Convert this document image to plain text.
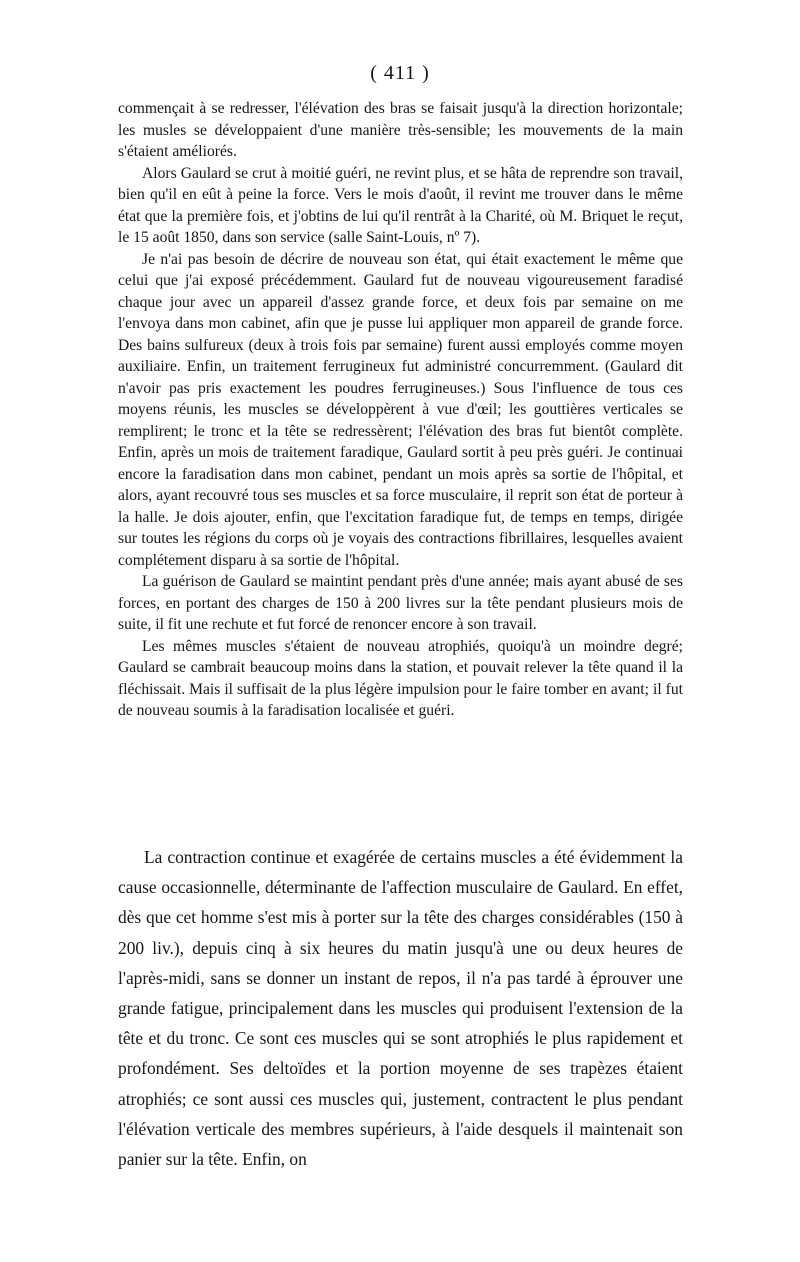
( 411 )

commençait à se redresser, l'élévation des bras se faisait jusqu'à la direction horizontale; les musles se développaient d'une manière très-sensible; les mouvements de la main s'étaient améliorés.

Alors Gaulard se crut à moitié guéri, ne revint plus, et se hâta de reprendre son travail, bien qu'il en eût à peine la force. Vers le mois d'août, il revint me trouver dans le même état que la première fois, et j'obtins de lui qu'il rentrât à la Charité, où M. Briquet le reçut, le 15 août 1850, dans son service (salle Saint-Louis, nº 7).

Je n'ai pas besoin de décrire de nouveau son état, qui était exactement le même que celui que j'ai exposé précédemment. Gaulard fut de nouveau vigoureusement faradisé chaque jour avec un appareil d'assez grande force, et deux fois par semaine on me l'envoya dans mon cabinet, afin que je pusse lui appliquer mon appareil de grande force. Des bains sulfureux (deux à trois fois par semaine) furent aussi employés comme moyen auxiliaire. Enfin, un traitement ferrugineux fut administré concurremment. (Gaulard dit n'avoir pas pris exactement les poudres ferrugineuses.) Sous l'influence de tous ces moyens réunis, les muscles se développèrent à vue d'œil; les gouttières verticales se remplirent; le tronc et la tête se redressèrent; l'élévation des bras fut bientôt complète. Enfin, après un mois de traitement faradique, Gaulard sortit à peu près guéri. Je continuai encore la faradisation dans mon cabinet, pendant un mois après sa sortie de l'hôpital, et alors, ayant recouvré tous ses muscles et sa force musculaire, il reprit son état de porteur à la halle. Je dois ajouter, enfin, que l'excitation faradique fut, de temps en temps, dirigée sur toutes les régions du corps où je voyais des contractions fibrillaires, lesquelles avaient complétement disparu à sa sortie de l'hôpital.

La guérison de Gaulard se maintint pendant près d'une année; mais ayant abusé de ses forces, en portant des charges de 150 à 200 livres sur la tête pendant plusieurs mois de suite, il fit une rechute et fut forcé de renoncer encore à son travail.

Les mêmes muscles s'étaient de nouveau atrophiés, quoiqu'à un moindre degré; Gaulard se cambrait beaucoup moins dans la station, et pouvait relever la tête quand il la fléchissait. Mais il suffisait de la plus légère impulsion pour le faire tomber en avant; il fut de nouveau soumis à la faradisation localisée et guéri.

La contraction continue et exagérée de certains muscles a été évidemment la cause occasionnelle, déterminante de l'affection musculaire de Gaulard. En effet, dès que cet homme s'est mis à porter sur la tête des charges considérables (150 à 200 liv.), depuis cinq à six heures du matin jusqu'à une ou deux heures de l'après-midi, sans se donner un instant de repos, il n'a pas tardé à éprouver une grande fatigue, principalement dans les muscles qui produisent l'extension de la tête et du tronc. Ce sont ces muscles qui se sont atrophiés le plus rapidement et profondément. Ses deltoïdes et la portion moyenne de ses trapèzes étaient atrophiés; ce sont aussi ces muscles qui, justement, contractent le plus pendant l'élévation verticale des membres supérieurs, à l'aide desquels il maintenait son panier sur la tête. Enfin, on
